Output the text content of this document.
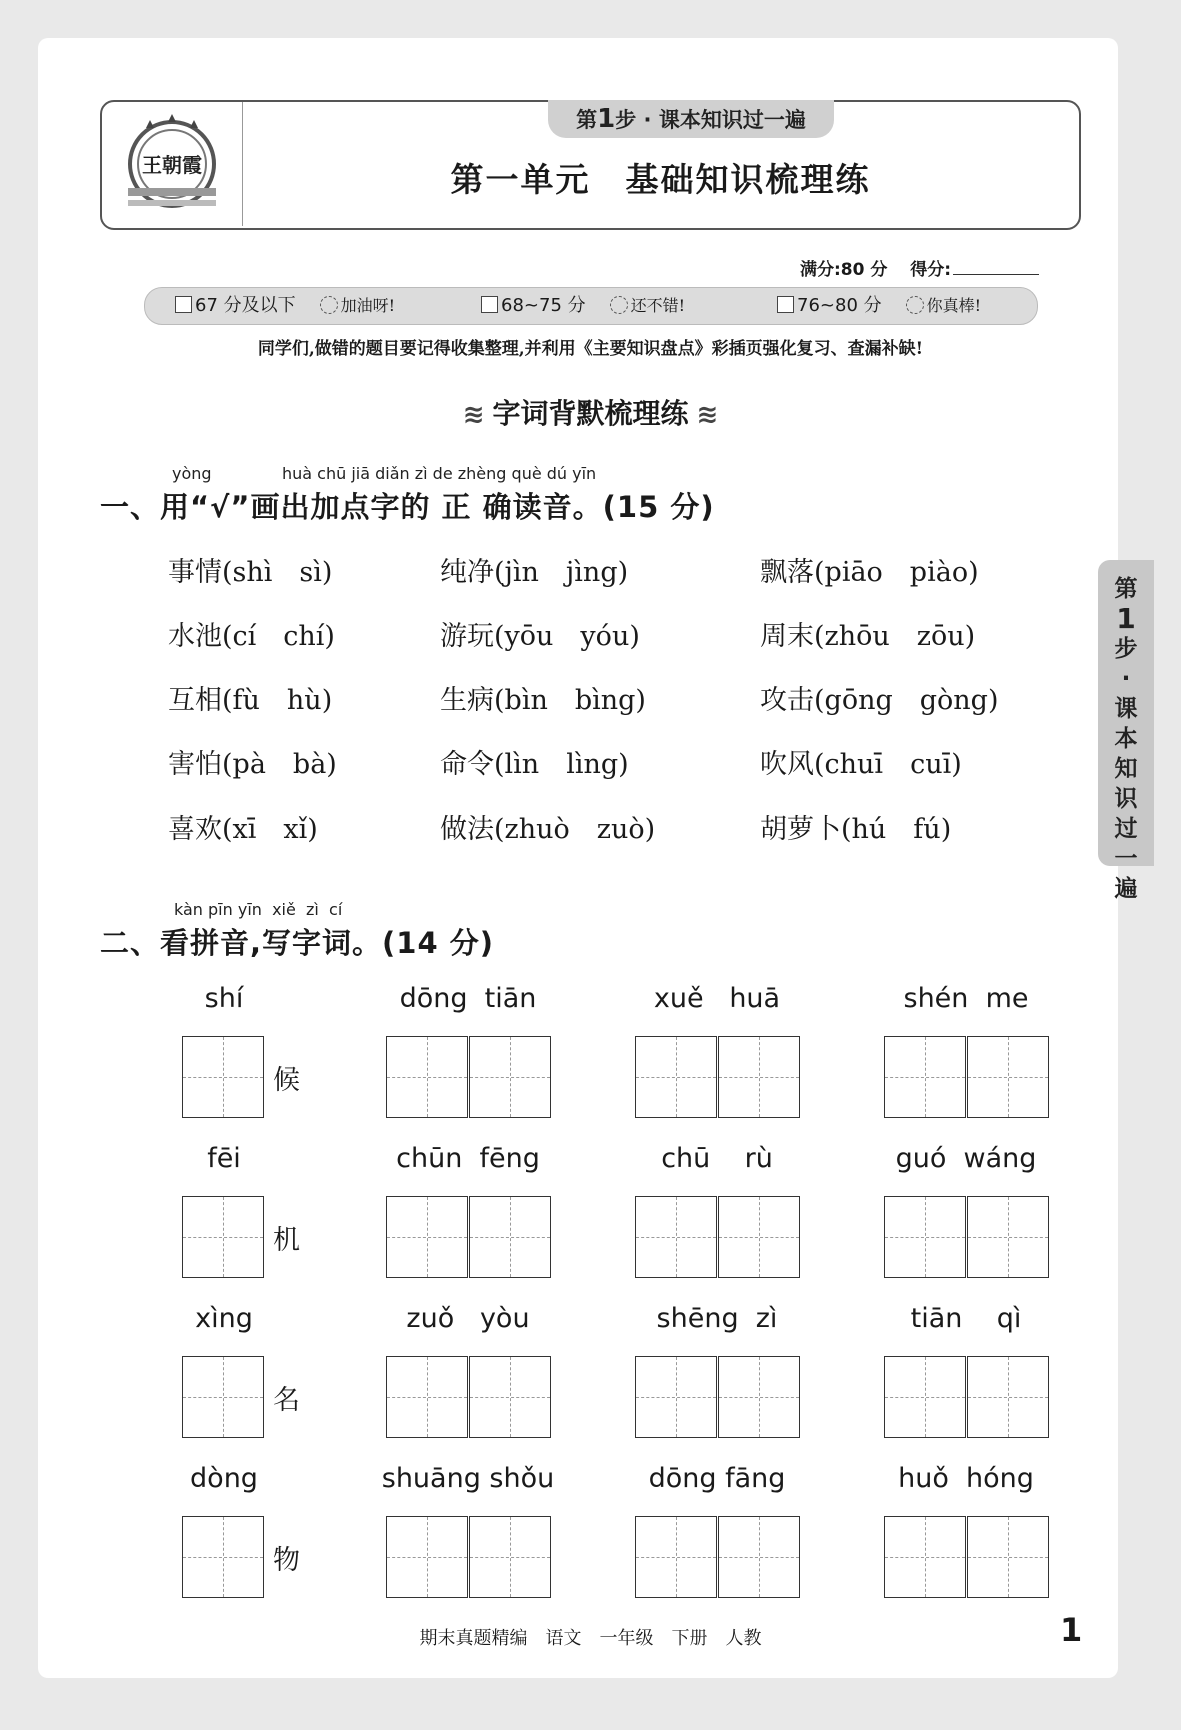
王朝霞
第1步 · 课本知识过一遍
第一单元　基础知识梳理练
满分:80 分　 得分:
67 分及以下	加油呀!	68~75 分	还不错!	76~80 分	你真棒!
同学们,做错的题目要记得收集整理,并利用《主要知识盘点》彩插页强化复习、查漏补缺!
≋ 字词背默梳理练 ≋
yòng	huà chū jiā diǎn zì de zhèng què dú yīn
一、用“√”画出加点字的 正 确读音。(15 分)
事情(shì　sì)	纯净(jìn　jìng)	飘落(piāo　piào)
水池(cí　chí)	游玩(yōu　yóu)	周末(zhōu　zōu)
互相(fù　hù)	生病(bìn　bìng)	攻击(gōng　gòng)
害怕(pà　bà)	命令(lìn　lìng)	吹风(chuī　cuī)
喜欢(xī　xǐ)	做法(zhuò　zuò)	胡萝卜(hú　fú)
kàn pīn yīn  xiě  zì  cí
二、看拼音,写字词。(14 分)
shí	dōng  tiān	xuě   huā	shén  me
候
fēi	chūn  fēng	chū    rù	guó  wáng
机
xìng	zuǒ   yòu	shēng  zì	tiān    qì
名
dòng	shuāng shǒu	dōng fāng	huǒ  hóng
物
第
1
步
·
课
本
知
识
过
一
遍
期末真题精编　语文　一年级　下册　人教	1
